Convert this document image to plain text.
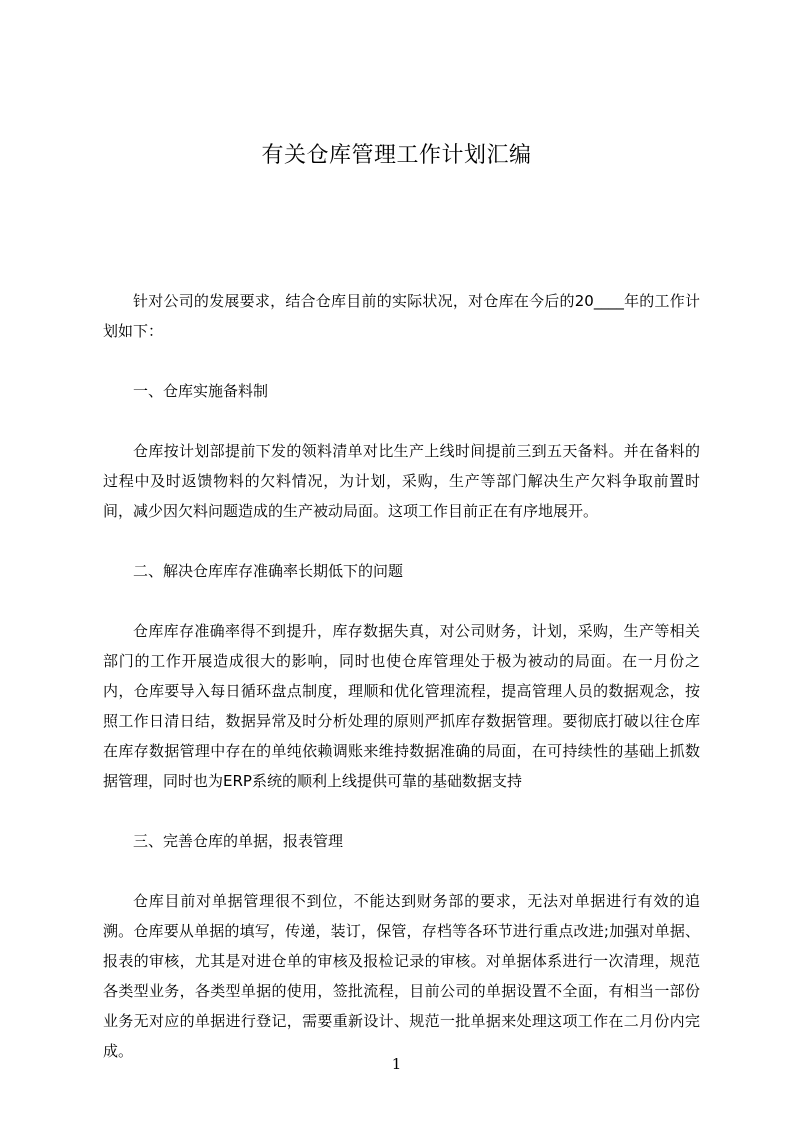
有关仓库管理工作计划汇编

针对公司的发展要求，结合仓库目前的实际状况，对仓库在今后的20____年的工作计划如下：

一、仓库实施备料制

仓库按计划部提前下发的领料清单对比生产上线时间提前三到五天备料。并在备料的过程中及时返馈物料的欠料情况，为计划，采购，生产等部门解决生产欠料争取前置时间，减少因欠料问题造成的生产被动局面。这项工作目前正在有序地展开。

二、解决仓库库存准确率长期低下的问题

仓库库存准确率得不到提升，库存数据失真，对公司财务，计划，采购，生产等相关部门的工作开展造成很大的影响，同时也使仓库管理处于极为被动的局面。在一月份之内，仓库要导入每日循环盘点制度，理顺和优化管理流程，提高管理人员的数据观念，按照工作日清日结，数据异常及时分析处理的原则严抓库存数据管理。要彻底打破以往仓库在库存数据管理中存在的单纯依赖调账来维持数据准确的局面，在可持续性的基础上抓数据管理，同时也为ERP系统的顺利上线提供可靠的基础数据支持

三、完善仓库的单据，报表管理

仓库目前对单据管理很不到位，不能达到财务部的要求，无法对单据进行有效的追溯。仓库要从单据的填写，传递，装订，保管，存档等各环节进行重点改进;加强对单据、报表的审核，尤其是对进仓单的审核及报检记录的审核。对单据体系进行一次清理，规范各类型业务，各类型单据的使用，签批流程，目前公司的单据设置不全面，有相当一部份业务无对应的单据进行登记，需要重新设计、规范一批单据来处理这项工作在二月份内完成。

1
